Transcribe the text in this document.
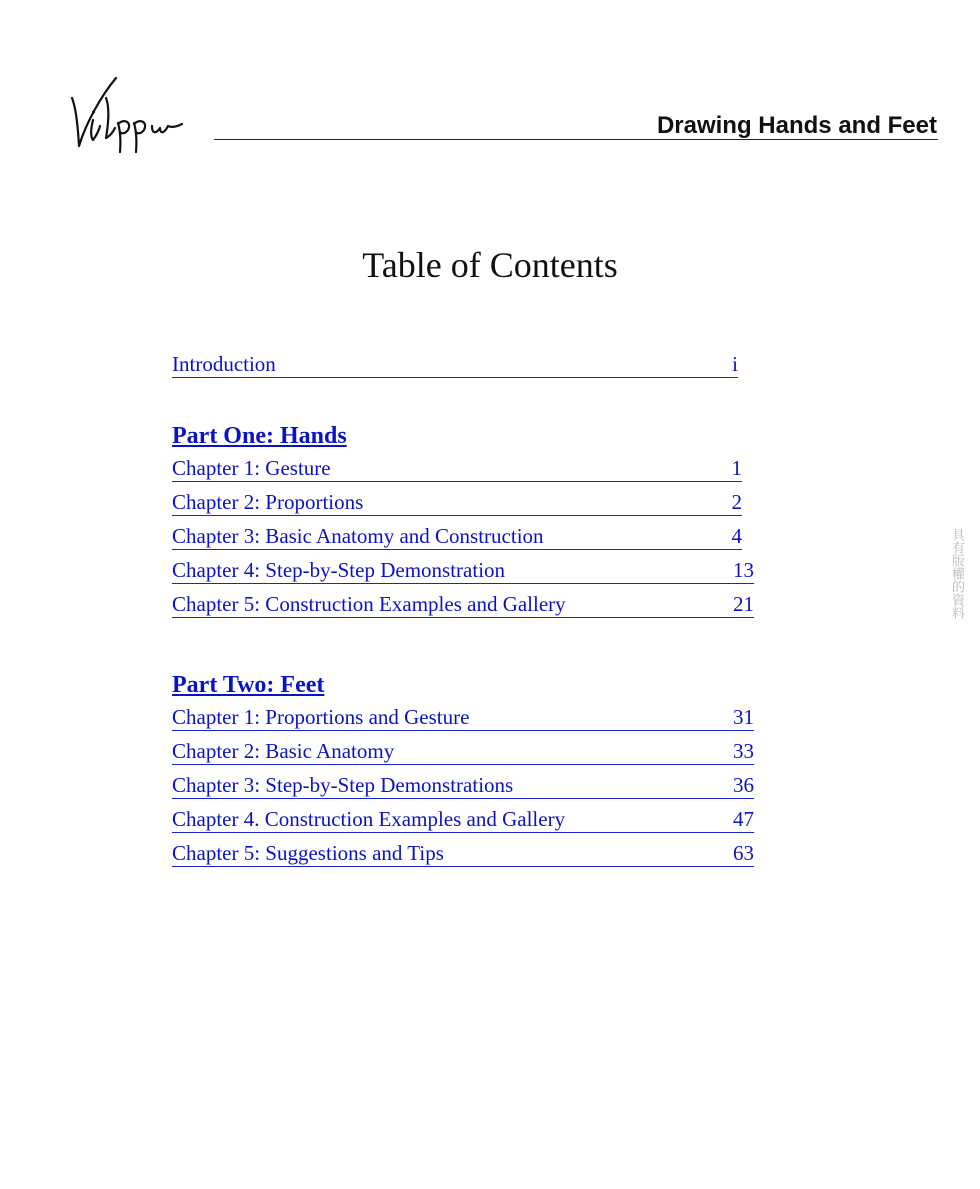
Drawing Hands and Feet
Table of Contents
Introduction	i
Part One: Hands
Chapter 1: Gesture	1
Chapter 2: Proportions	2
Chapter 3: Basic Anatomy and Construction	4
Chapter 4: Step-by-Step Demonstration	13
Chapter 5: Construction Examples and Gallery	21
Part Two: Feet
Chapter 1: Proportions and Gesture	31
Chapter 2: Basic Anatomy	33
Chapter 3: Step-by-Step Demonstrations	36
Chapter 4. Construction Examples and Gallery	47
Chapter 5: Suggestions and Tips	63
具有版權的資料
